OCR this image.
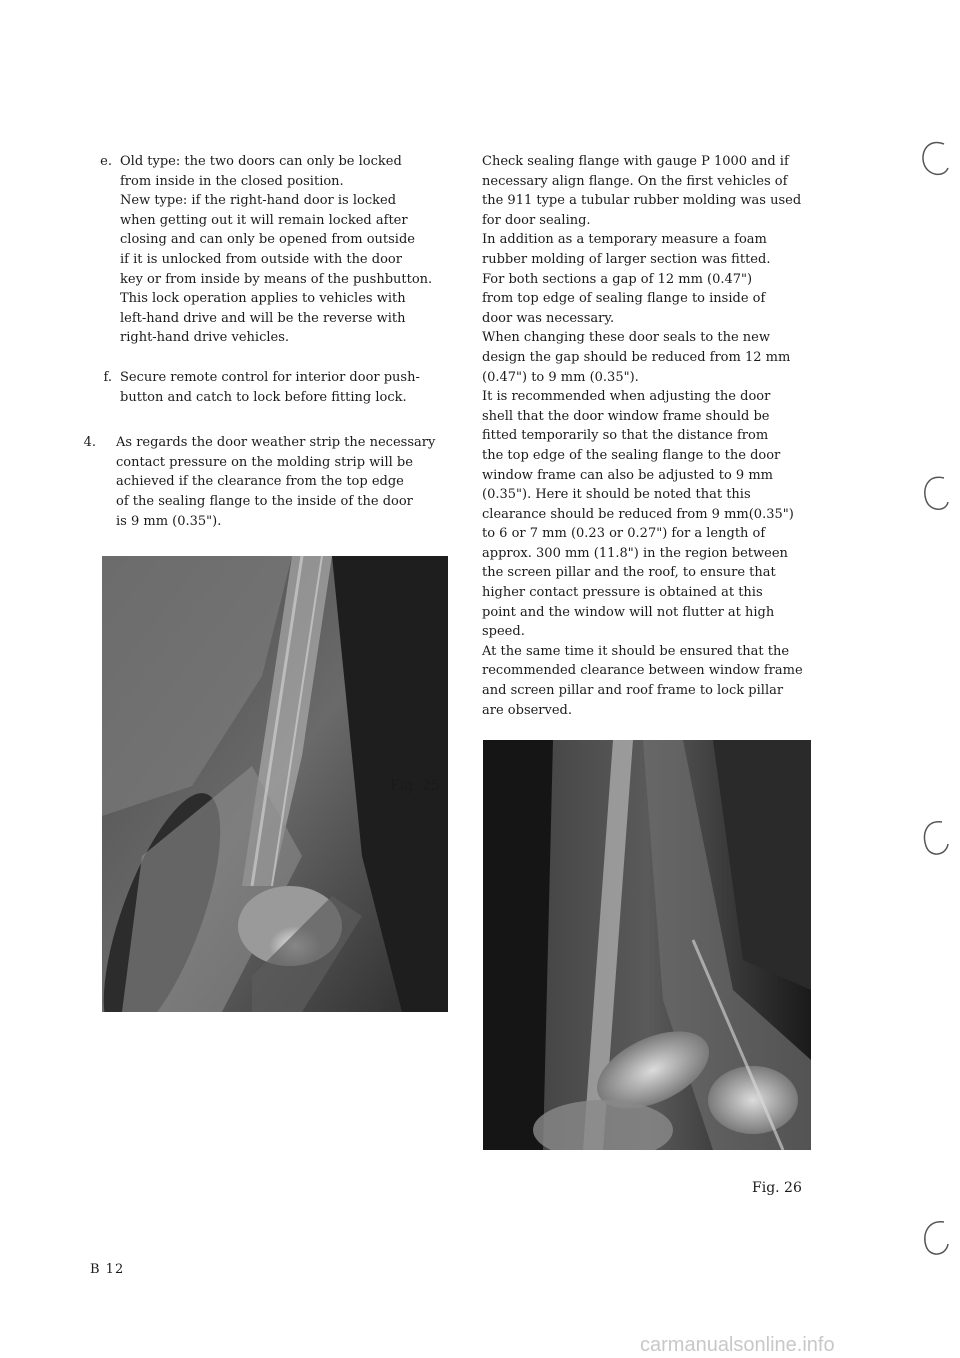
e. Old type: the two doors can only be locked
from inside in the closed position.
New type: if the right-hand door is locked
when getting out it will remain locked after
closing and can only be opened from outside
if it is unlocked from outside with the door
key or from inside by means of the pushbutton.
This lock operation applies to vehicles with
left-hand drive and will be the reverse with
right-hand drive vehicles.
f. Secure remote control for interior door push-
button and catch to lock before fitting lock.
4.	As regards the door weather strip the necessary
contact pressure on the molding strip will be
achieved if the clearance from the top edge
of the sealing flange to the inside of the door
is 9 mm (0.35").
Fig. 25
Check sealing flange with gauge P 1000 and if
necessary align flange. On the first vehicles of
the 911 type a tubular rubber molding was used
for door sealing.
In addition as a temporary measure a foam
rubber molding of larger section was fitted.
For both sections a gap of 12 mm (0.47")
from top edge of sealing flange to inside of
door was necessary.
When changing these door seals to the new
design the gap should be reduced from 12 mm
(0.47") to 9 mm (0.35").
It is recommended when adjusting the door
shell that the door window frame should be
fitted temporarily so that the distance from
the top edge of the sealing flange to the door
window frame can also be adjusted to 9 mm
(0.35"). Here it should be noted that this
clearance should be reduced from 9 mm(0.35")
to 6 or 7 mm (0.23 or 0.27") for a length of
approx. 300 mm (11.8") in the region between
the screen pillar and the roof, to ensure that
higher contact pressure is obtained at this
point and the window will not flutter at high
speed.
At the same time it should be ensured that the
recommended clearance between window frame
and screen pillar and roof frame to lock pillar
are observed.
Fig. 26
B 12
carmanualsonline.info
